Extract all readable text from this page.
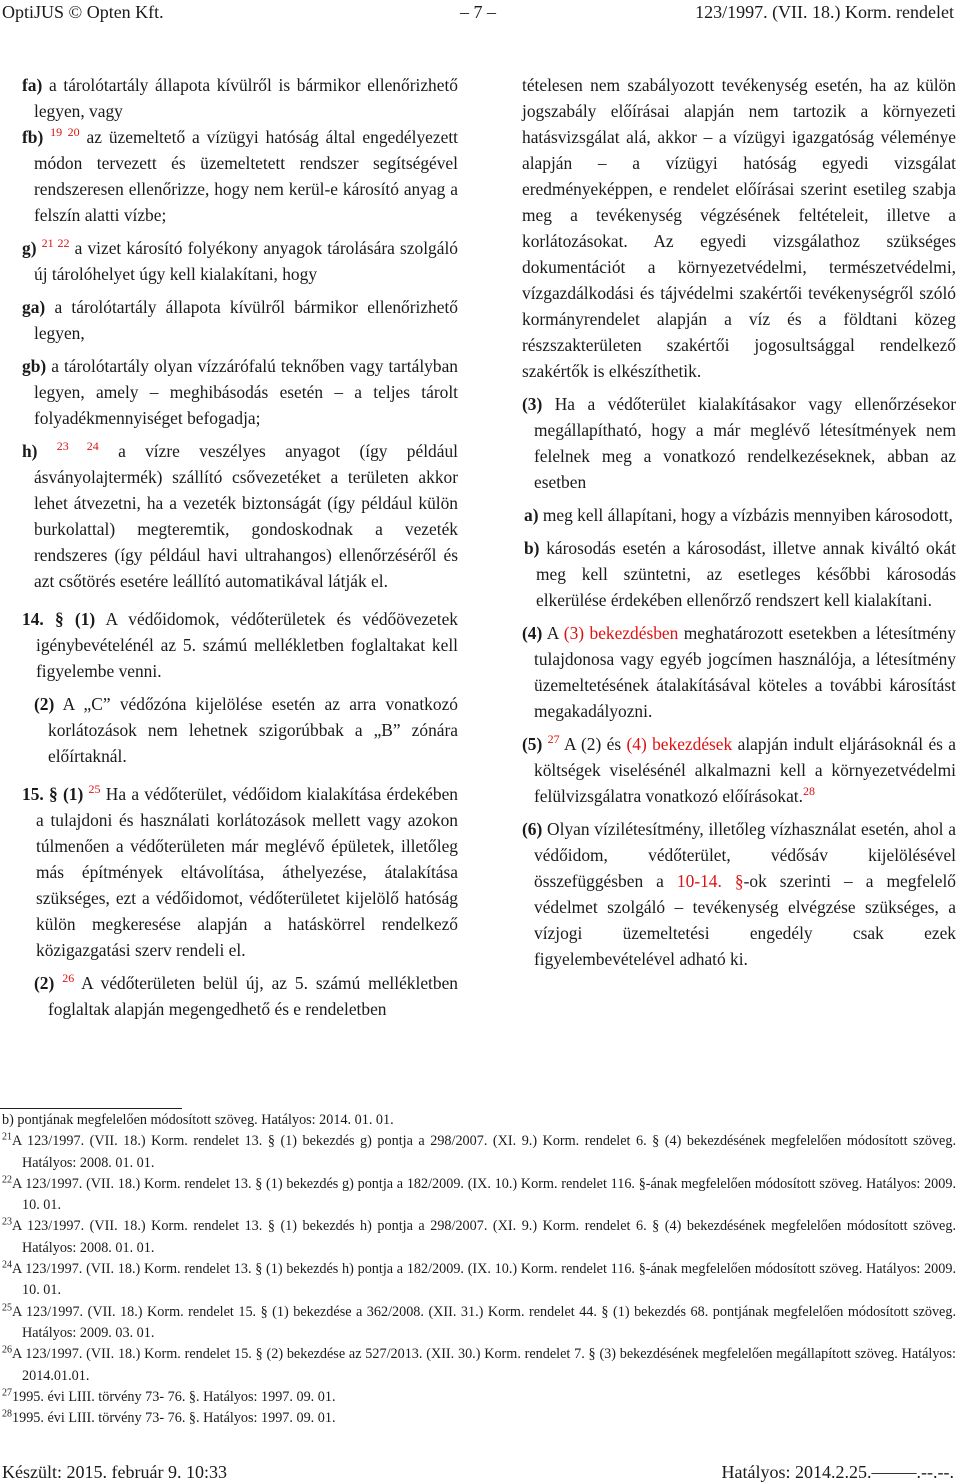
OptiJUS © Opten Kft.	– 7 –	123/1997. (VII. 18.) Korm. rendelet

fa) a tárolótartály állapota kívülről is bármikor ellenőrizhető legyen, vagy

fb) $^{19 20}$ az üzemeltető a vízügyi hatóság által engedélyezett módon tervezett és üzemeltetett rendszer segítségével rendszeresen ellenőrizze, hogy nem kerül-e károsító anyag a felszín alatti vízbe;

g) $^{21 22}$ a vizet károsító folyékony anyagok tárolására szolgáló új tárolóhelyet úgy kell kialakítani, hogy

ga) a tárolótartály állapota kívülről bármikor ellenőrizhető legyen,

gb) a tárolótartály olyan vízzárófalú teknőben vagy tartályban legyen, amely – meghibásodás esetén – a teljes tárolt folyadékmennyiséget befogadja;

h) $^{23 24}$ a vízre veszélyes anyagot (így például ásványolajtermék) szállító csővezetéket a területen akkor lehet átvezetni, ha a vezeték biztonságát (így például külön burkolattal) megteremtik, gondoskodnak a vezeték rendszeres (így például havi ultrahangos) ellenőrzéséről és azt csőtörés esetére leállító automatikával látják el.

14. § (1) A védőidomok, védőterületek és védőövezetek igénybevételénél az 5. számú mellékletben foglaltakat kell figyelembe venni.

(2) A „C” védőzóna kijelölése esetén az arra vonatkozó korlátozások nem lehetnek szigorúbbak a „B” zónára előírtaknál.

15. § (1) $^{25}$ Ha a védőterület, védőidom kialakítása érdekében a tulajdoni és használati korlátozások mellett vagy azokon túlmenően a védőterületen már meglévő épületek, illetőleg más építmények eltávolítása, áthelyezése, átalakítása szükséges, ezt a védőidomot, védőterületet kijelölő hatóság külön megkeresése alapján a hatáskörrel rendelkező közigazgatási szerv rendeli el.

(2) $^{26}$ A védőterületen belül új, az 5. számú mellékletben foglaltak alapján megengedhető és e rendeletben

tételesen nem szabályozott tevékenység esetén, ha az külön jogszabály előírásai alapján nem tartozik a környezeti hatásvizsgálat alá, akkor – a vízügyi igazgatóság véleménye alapján – a vízügyi hatóság egyedi vizsgálat eredményeképpen, e rendelet előírásai szerint esetileg szabja meg a tevékenység végzésének feltételeit, illetve a korlátozásokat. Az egyedi vizsgálathoz szükséges dokumentációt a környezetvédelmi, természetvédelmi, vízgazdálkodási és tájvédelmi szakértői tevékenységről szóló kormányrendelet alapján a víz és a földtani közeg részszakterületen szakértői jogosultsággal rendelkező szakértők is elkészíthetik.

(3) Ha a védőterület kialakításakor vagy ellenőrzésekor megállapítható, hogy a már meglévő létesítmények nem felelnek meg a vonatkozó rendelkezéseknek, abban az esetben

a) meg kell állapítani, hogy a vízbázis mennyiben károsodott,

b) károsodás esetén a károsodást, illetve annak kiváltó okát meg kell szüntetni, az esetleges későbbi károsodás elkerülése érdekében ellenőrző rendszert kell kialakítani.

(4) A (3) bekezdésben meghatározott esetekben a létesítmény tulajdonosa vagy egyéb jogcímen használója, a létesítmény üzemeltetésének átalakításával köteles a további károsítást megakadályozni.

(5) $^{27}$ A (2) és (4) bekezdések alapján indult eljárásoknál és a költségek viselésénél alkalmazni kell a környezetvédelmi felülvizsgálatra vonatkozó előírásokat.$^{28}$

(6) Olyan vízilétesítmény, illetőleg vízhasználat esetén, ahol a védőidom, védőterület, védősáv kijelölésével összefüggésben a 10-14. §-ok szerinti – a megfelelő védelmet szolgáló – tevékenység elvégzése szükséges, a vízjogi üzemeltetési engedély csak ezek figyelembevételével adható ki.

b) pontjának megfelelően módosított szöveg. Hatályos: 2014. 01. 01.

$^{21}$A 123/1997. (VII. 18.) Korm. rendelet 13. § (1) bekezdés g) pontja a 298/2007. (XI. 9.) Korm. rendelet 6. § (4) bekezdésének megfelelően módosított szöveg. Hatályos: 2008. 01. 01.

$^{22}$A 123/1997. (VII. 18.) Korm. rendelet 13. § (1) bekezdés g) pontja a 182/2009. (IX. 10.) Korm. rendelet 116. §-ának megfelelően módosított szöveg. Hatályos: 2009. 10. 01.

$^{23}$A 123/1997. (VII. 18.) Korm. rendelet 13. § (1) bekezdés h) pontja a 298/2007. (XI. 9.) Korm. rendelet 6. § (4) bekezdésének megfelelően módosított szöveg. Hatályos: 2008. 01. 01.

$^{24}$A 123/1997. (VII. 18.) Korm. rendelet 13. § (1) bekezdés h) pontja a 182/2009. (IX. 10.) Korm. rendelet 116. §-ának megfelelően módosított szöveg. Hatályos: 2009. 10. 01.

$^{25}$A 123/1997. (VII. 18.) Korm. rendelet 15. § (1) bekezdése a 362/2008. (XII. 31.) Korm. rendelet 44. § (1) bekezdés 68. pontjának megfelelően módosított szöveg. Hatályos: 2009. 03. 01.

$^{26}$A 123/1997. (VII. 18.) Korm. rendelet 15. § (2) bekezdése az 527/2013. (XII. 30.) Korm. rendelet 7. § (3) bekezdésének megfelelően megállapított szöveg. Hatályos: 2014.01.01.

$^{27}$1995. évi LIII. törvény 73- 76. §. Hatályos: 1997. 09. 01.

$^{28}$1995. évi LIII. törvény 73- 76. §. Hatályos: 1997. 09. 01.

Készült: 2015. február 9. 10:33	Hatályos: 2014.2.25.–––––.--.--.
